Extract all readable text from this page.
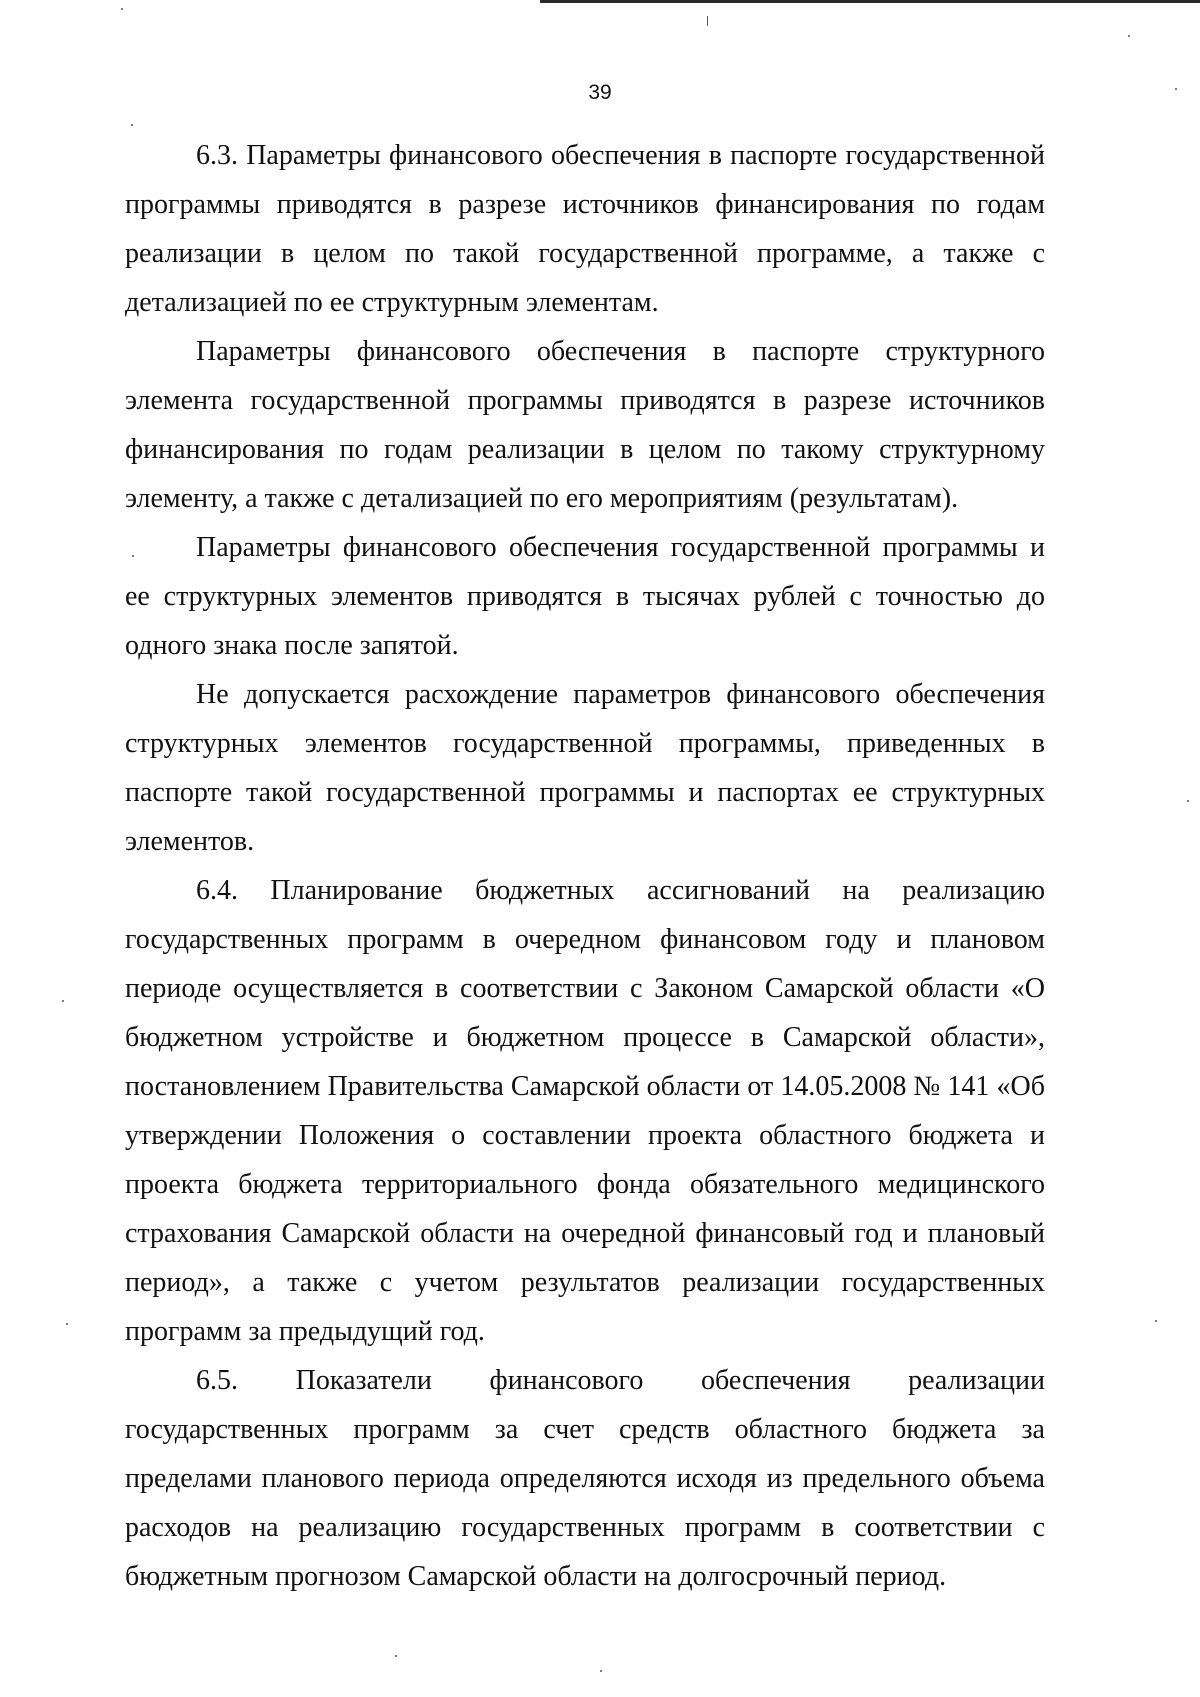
39

6.3. Параметры финансового обеспечения в паспорте государственной программы приводятся в разрезе источников финансирования по годам реализации в целом по такой государственной программе, а также с детализацией по ее структурным элементам.

Параметры финансового обеспечения в паспорте структурного элемента государственной программы приводятся в разрезе источников финансирования по годам реализации в целом по такому структурному элементу, а также с детализацией по его мероприятиям (результатам).

Параметры финансового обеспечения государственной программы и ее структурных элементов приводятся в тысячах рублей с точностью до одного знака после запятой.

Не допускается расхождение параметров финансового обеспечения структурных элементов государственной программы, приведенных в паспорте такой государственной программы и паспортах ее структурных элементов.

6.4. Планирование бюджетных ассигнований на реализацию государственных программ в очередном финансовом году и плановом периоде осуществляется в соответствии с Законом Самарской области «О бюджетном устройстве и бюджетном процессе в Самарской области», постановлением Правительства Самарской области от 14.05.2008 № 141 «Об утверждении Положения о составлении проекта областного бюджета и проекта бюджета территориального фонда обязательного медицинского страхования Самарской области на очередной финансовый год и плановый период», а также с учетом результатов реализации государственных программ за предыдущий год.

6.5. Показатели финансового обеспечения реализации государственных программ за счет средств областного бюджета за пределами планового периода определяются исходя из предельного объема расходов на реализацию государственных программ в соответствии с бюджетным прогнозом Самарской области на долгосрочный период.
